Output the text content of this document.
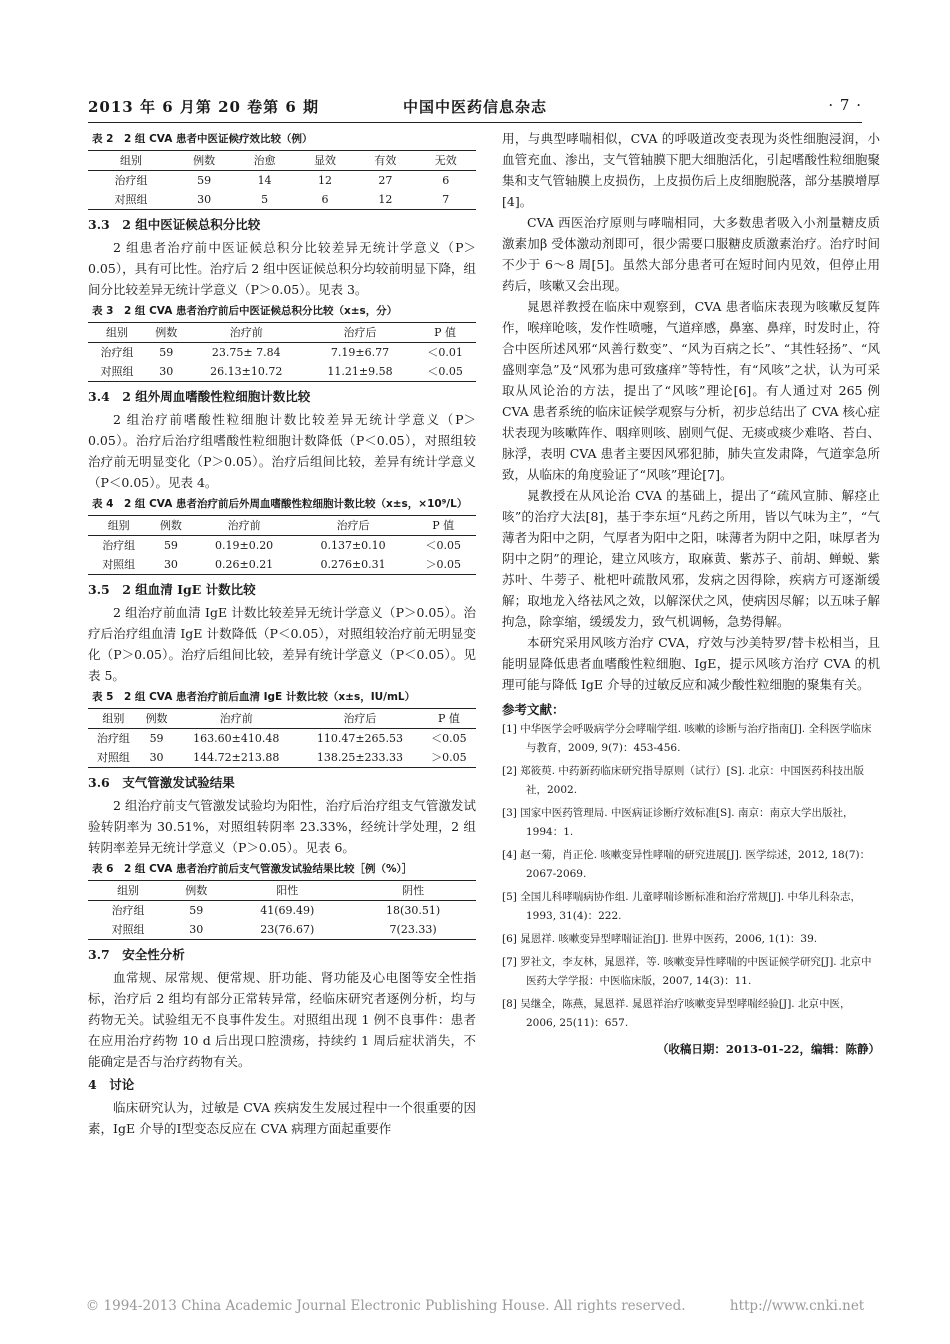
2013 年 6 月第 20 卷第 6 期	中国中医药信息杂志	· 7 ·
表 2　2 组 CVA 患者中医证候疗效比较（例）
组别	例数	治愈	显效	有效	无效
治疗组	59	14	12	27	6
对照组	30	5	6	12	7
3.3　2 组中医证候总积分比较

2 组患者治疗前中医证候总积分比较差异无统计学意义（P＞0.05），具有可比性。治疗后 2 组中医证候总积分均较前明显下降，组间分比较差异无统计学意义（P＞0.05）。见表 3。

表 3　2 组 CVA 患者治疗前后中医证候总积分比较（x±s，分）
组别	例数	治疗前	治疗后	P 值
治疗组	59	23.75± 7.84	7.19±6.77	＜0.01
对照组	30	26.13±10.72	11.21±9.58	＜0.05
3.4　2 组外周血嗜酸性粒细胞计数比较

2 组治疗前嗜酸性粒细胞计数比较差异无统计学意义（P＞0.05）。治疗后治疗组嗜酸性粒细胞计数降低（P＜0.05），对照组较治疗前无明显变化（P＞0.05）。治疗后组间比较，差异有统计学意义（P＜0.05）。见表 4。

表 4　2 组 CVA 患者治疗前后外周血嗜酸性粒细胞计数比较（x±s，×10⁹/L）
组别	例数	治疗前	治疗后	P 值
治疗组	59	0.19±0.20	0.137±0.10	＜0.05
对照组	30	0.26±0.21	0.276±0.31	＞0.05
3.5　2 组血清 IgE 计数比较

2 组治疗前血清 IgE 计数比较差异无统计学意义（P＞0.05）。治疗后治疗组血清 IgE 计数降低（P＜0.05），对照组较治疗前无明显变化（P＞0.05）。治疗后组间比较，差异有统计学意义（P＜0.05）。见表 5。

表 5　2 组 CVA 患者治疗前后血清 IgE 计数比较（x±s，IU/mL）
组别	例数	治疗前	治疗后	P 值
治疗组	59	163.60±410.48	110.47±265.53	＜0.05
对照组	30	144.72±213.88	138.25±233.33	＞0.05
3.6　支气管激发试验结果

2 组治疗前支气管激发试验均为阳性，治疗后治疗组支气管激发试验转阴率为 30.51%，对照组转阴率 23.33%，经统计学处理，2 组转阴率差异无统计学意义（P＞0.05）。见表 6。

表 6　2 组 CVA 患者治疗前后支气管激发试验结果比较［例（%）］
组别	例数	阳性	阴性
治疗组	59	41(69.49)	18(30.51)
对照组	30	23(76.67)	7(23.33)
3.7　安全性分析

血常规、尿常规、便常规、肝功能、肾功能及心电图等安全性指标，治疗后 2 组均有部分正常转异常，经临床研究者逐例分析，均与药物无关。试验组无不良事件发生。对照组出现 1 例不良事件：患者在应用治疗药物 10 d 后出现口腔溃疡，持续约 1 周后症状消失，不能确定是否与治疗药物有关。

4　讨论

临床研究认为，过敏是 CVA 疾病发生发展过程中一个很重要的因素，IgE 介导的Ⅰ型变态反应在 CVA 病理方面起重要作

用，与典型哮喘相似，CVA 的呼吸道改变表现为炎性细胞浸润，小血管充血、渗出，支气管轴膜下肥大细胞活化，引起嗜酸性粒细胞聚集和支气管轴膜上皮损伤，上皮损伤后上皮细胞脱落，部分基膜增厚[4]。

CVA 西医治疗原则与哮喘相同，大多数患者吸入小剂量糖皮质激素加β 受体激动剂即可，很少需要口服糖皮质激素治疗。治疗时间不少于 6～8 周[5]。虽然大部分患者可在短时间内见效，但停止用药后，咳嗽又会出现。

晁恩祥教授在临床中观察到，CVA 患者临床表现为咳嗽反复阵作，喉痒呛咳，发作性喷嚏，气道痒感，鼻塞、鼻痒，时发时止，符合中医所述风邪“风善行数变”、“风为百病之长”、“其性轻扬”、“风盛则挛急”及“风邪为患可致瘙痒”等特性，有“风咳”之状，认为可采取从风论治的方法，提出了“风咳”理论[6]。有人通过对 265 例 CVA 患者系统的临床证候学观察与分析，初步总结出了 CVA 核心症状表现为咳嗽阵作、咽痒则咳、剧则气促、无痰或痰少难咯、苔白、脉浮，表明 CVA 患者主要因风邪犯肺，肺失宣发肃降，气道挛急所致，从临床的角度验证了“风咳”理论[7]。

晁教授在从风论治 CVA 的基础上，提出了“疏风宣肺、解痉止咳”的治疗大法[8]，基于李东垣“凡药之所用，皆以气味为主”，“气薄者为阳中之阴，气厚者为阳中之阳，味薄者为阴中之阳，味厚者为阴中之阴”的理论，建立风咳方，取麻黄、紫苏子、前胡、蝉蜕、紫苏叶、牛蒡子、枇杷叶疏散风邪，发病之因得除，疾病方可逐渐缓解；取地龙入络祛风之效，以解深伏之风，使病因尽解；以五味子解拘急，除挛缩，缓缓发力，致气机调畅，急势得解。

本研究采用风咳方治疗 CVA，疗效与沙美特罗/替卡松相当，且能明显降低患者血嗜酸性粒细胞、IgE，提示风咳方治疗 CVA 的机理可能与降低 IgE 介导的过敏反应和减少酸性粒细胞的聚集有关。

参考文献：
[1] 中华医学会呼吸病学分会哮喘学组. 咳嗽的诊断与治疗指南[J]. 全科医学临床与教育，2009, 9(7)：453-456.
[2] 郑筱萸. 中药新药临床研究指导原则（试行）[S]. 北京：中国医药科技出版社，2002.
[3] 国家中医药管理局. 中医病证诊断疗效标准[S]. 南京：南京大学出版社，1994：1.
[4] 赵一菊，肖正伦. 咳嗽变异性哮喘的研究进展[J]. 医学综述，2012, 18(7)：2067-2069.
[5] 全国儿科哮喘病协作组. 儿童哮喘诊断标准和治疗常规[J]. 中华儿科杂志，1993, 31(4)：222.
[6] 晁恩祥. 咳嗽变异型哮喘证治[J]. 世界中医药，2006, 1(1)：39.
[7] 罗社文，李友林，晁恩祥，等. 咳嗽变异性哮喘的中医证候学研究[J]. 北京中医药大学学报：中医临床版，2007, 14(3)：11.
[8] 吴继全，陈燕，晁恩祥. 晁恩祥治疗咳嗽变异型哮喘经验[J]. 北京中医，2006, 25(11)：657.
（收稿日期：2013-01-22，编辑：陈静）
© 1994-2013 China Academic Journal Electronic Publishing House. All rights reserved.	http://www.cnki.net
